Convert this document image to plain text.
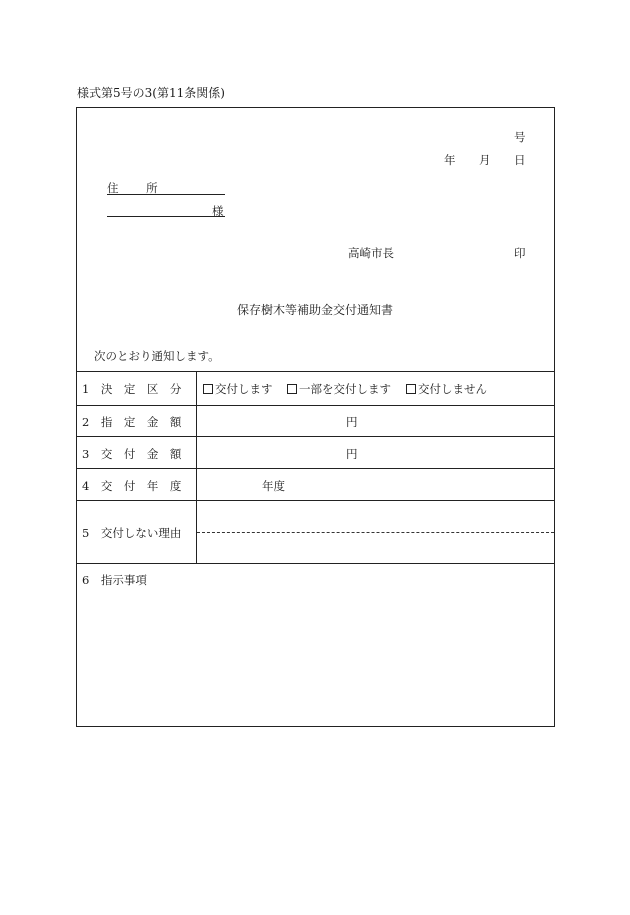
様式第5号の3(第11条関係)
号
年 月 日
住 所
様
高崎市長	印
保存樹木等補助金交付通知書
次のとおり通知します。
1　決　定　区　分	交付します	一部を交付します	交付しません
2　指　定　金　額	円
3　交　付　金　額	円
4　交　付　年　度	年度
5　交付しない理由
6　指示事項
